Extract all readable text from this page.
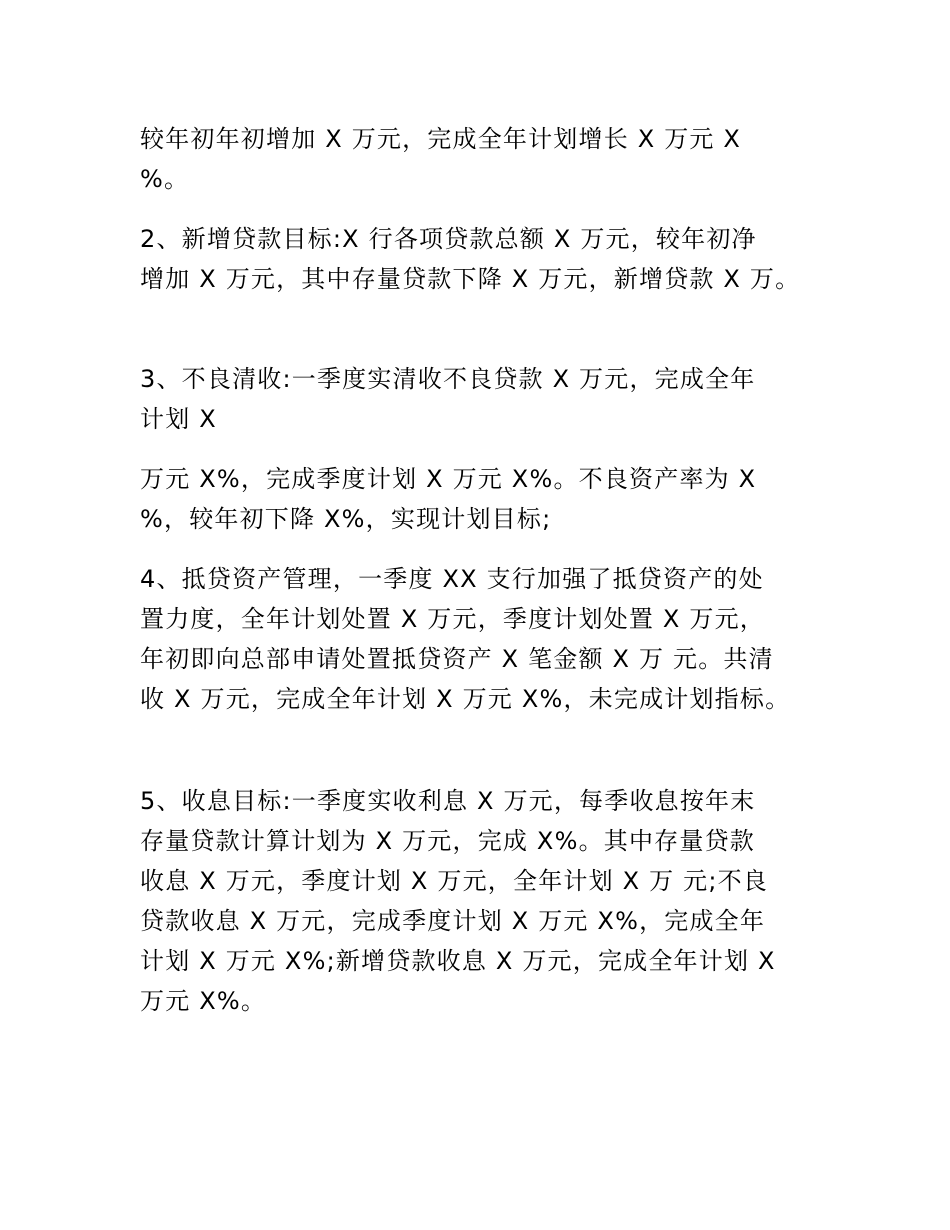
较年初年初增加 X 万元，完成全年计划增长 X 万元 X
%。
2、新增贷款目标:X 行各项贷款总额 X 万元，较年初净
增加 X 万元，其中存量贷款下降 X 万元，新增贷款 X 万。
3、不良清收:一季度实清收不良贷款 X 万元，完成全年
计划 X
万元 X%，完成季度计划 X 万元 X%。不良资产率为 X
%，较年初下降 X%，实现计划目标;
4、抵贷资产管理，一季度 XX 支行加强了抵贷资产的处
置力度，全年计划处置 X 万元，季度计划处置 X 万元，
年初即向总部申请处置抵贷资产 X 笔金额 X 万 元。共清
收 X 万元，完成全年计划 X 万元 X%，未完成计划指标。
5、收息目标:一季度实收利息 X 万元，每季收息按年末
存量贷款计算计划为 X 万元，完成 X%。其中存量贷款
收息 X 万元，季度计划 X 万元，全年计划 X 万 元;不良
贷款收息 X 万元，完成季度计划 X 万元 X%，完成全年
计划 X 万元 X%;新增贷款收息 X 万元，完成全年计划 X
万元 X%。
